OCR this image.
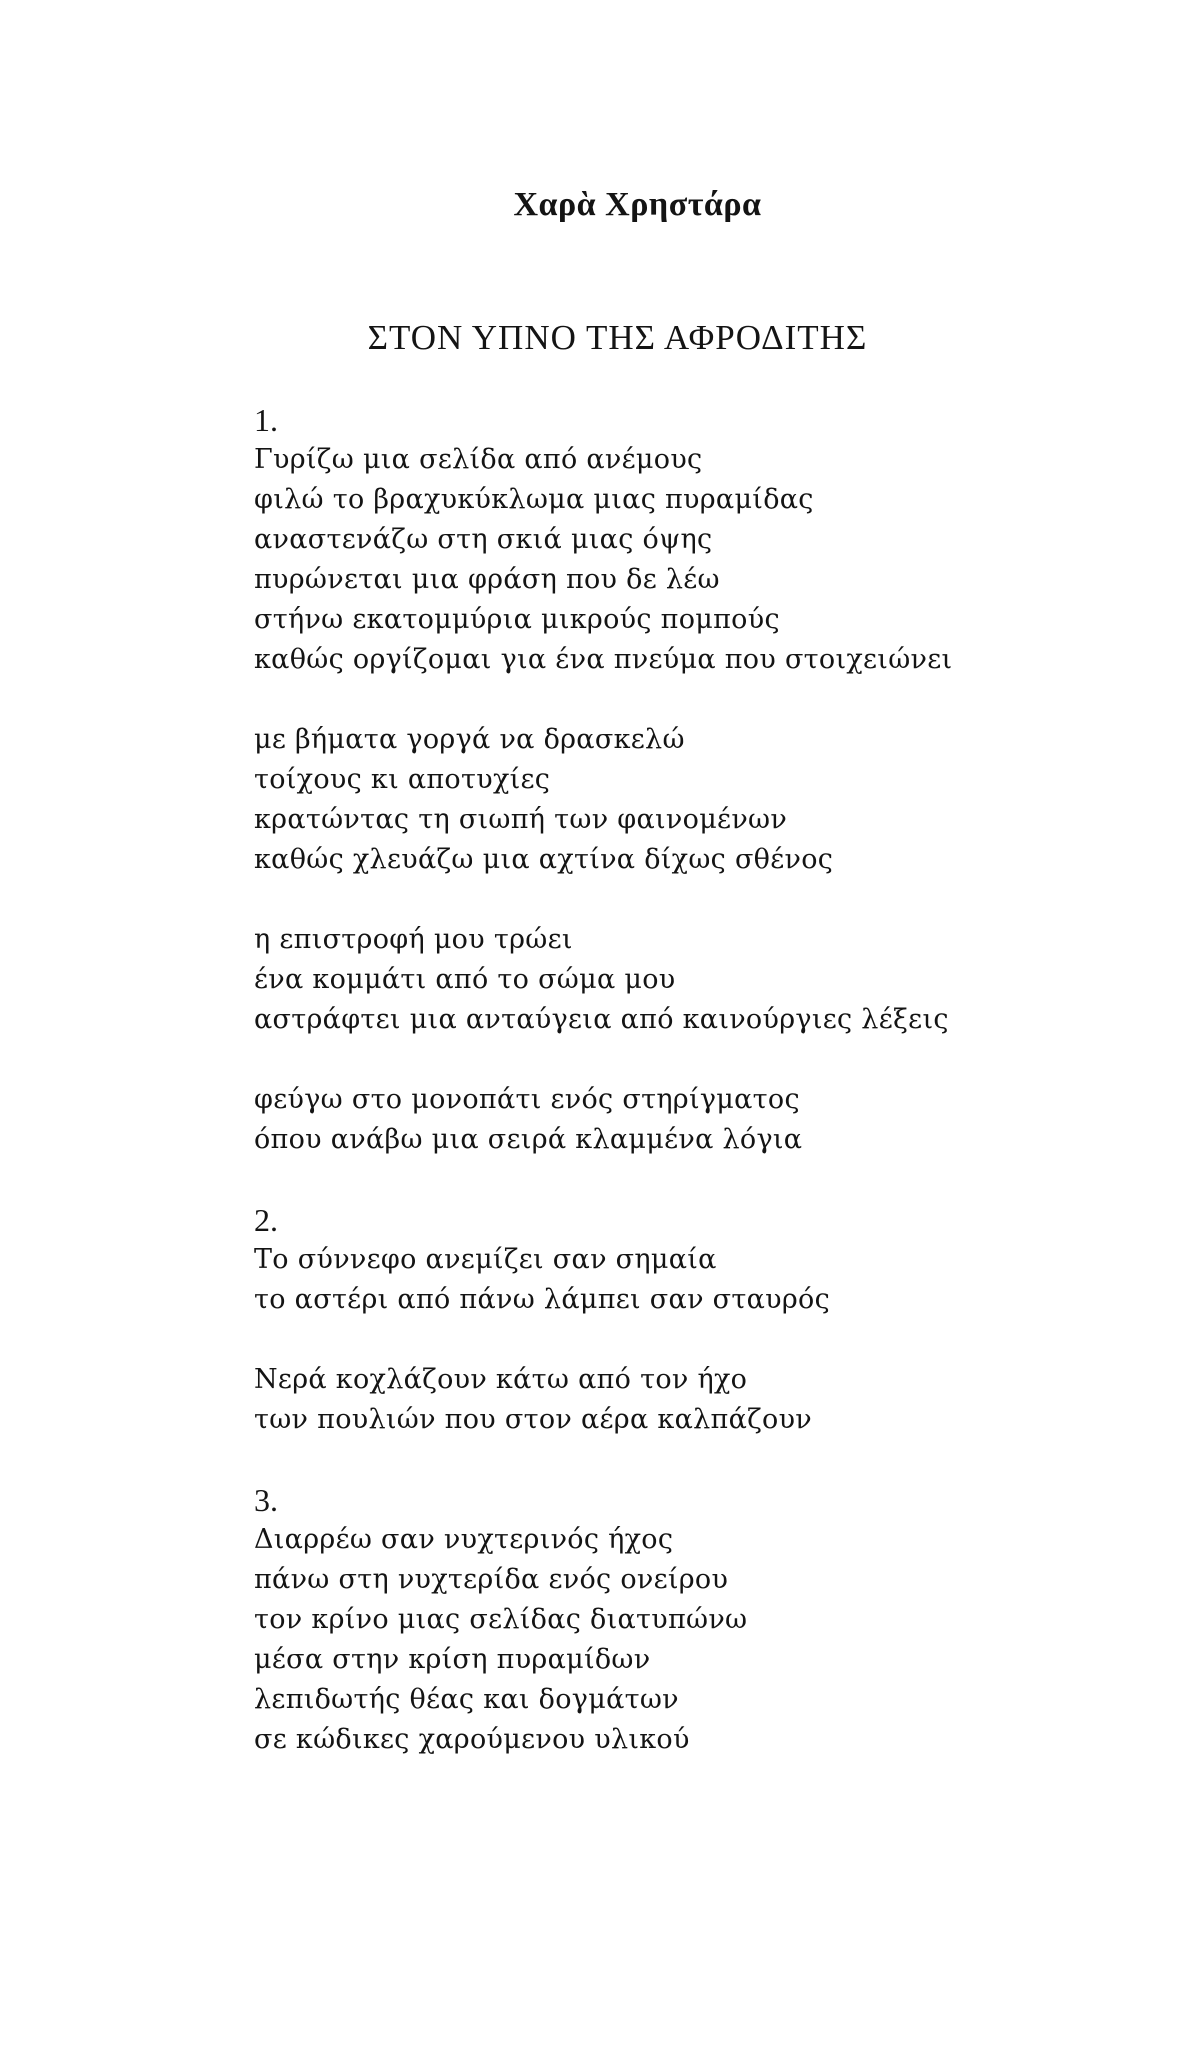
Χαρὰ Χρηστάρα
ΣΤΟΝ ΥΠΝΟ ΤΗΣ ΑΦΡΟΔΙΤΗΣ
1.
Γυρίζω μια σελίδα από ανέμους
φιλώ το βραχυκύκλωμα μιας πυραμίδας
αναστενάζω στη σκιά μιας όψης
πυρώνεται μια φράση που δε λέω
στήνω εκατομμύρια μικρούς πομπούς
καθώς οργίζομαι για ένα πνεύμα που στοιχειώνει
με βήματα γοργά να δρασκελώ
τοίχους κι αποτυχίες
κρατώντας τη σιωπή των φαινομένων
καθώς χλευάζω μια αχτίνα δίχως σθένος
η επιστροφή μου τρώει
ένα κομμάτι από το σώμα μου
αστράφτει μια ανταύγεια από καινούργιες λέξεις
φεύγω στο μονοπάτι ενός στηρίγματος
όπου ανάβω μια σειρά κλαμμένα λόγια
2.
Το σύννεφο ανεμίζει σαν σημαία
το αστέρι από πάνω λάμπει σαν σταυρός
Νερά κοχλάζουν κάτω από τον ήχο
των πουλιών που στον αέρα καλπάζουν
3.
Διαρρέω σαν νυχτερινός ήχος
πάνω στη νυχτερίδα ενός ονείρου
τον κρίνο μιας σελίδας διατυπώνω
μέσα στην κρίση πυραμίδων
λεπιδωτής θέας και δογμάτων
σε κώδικες χαρούμενου υλικού
